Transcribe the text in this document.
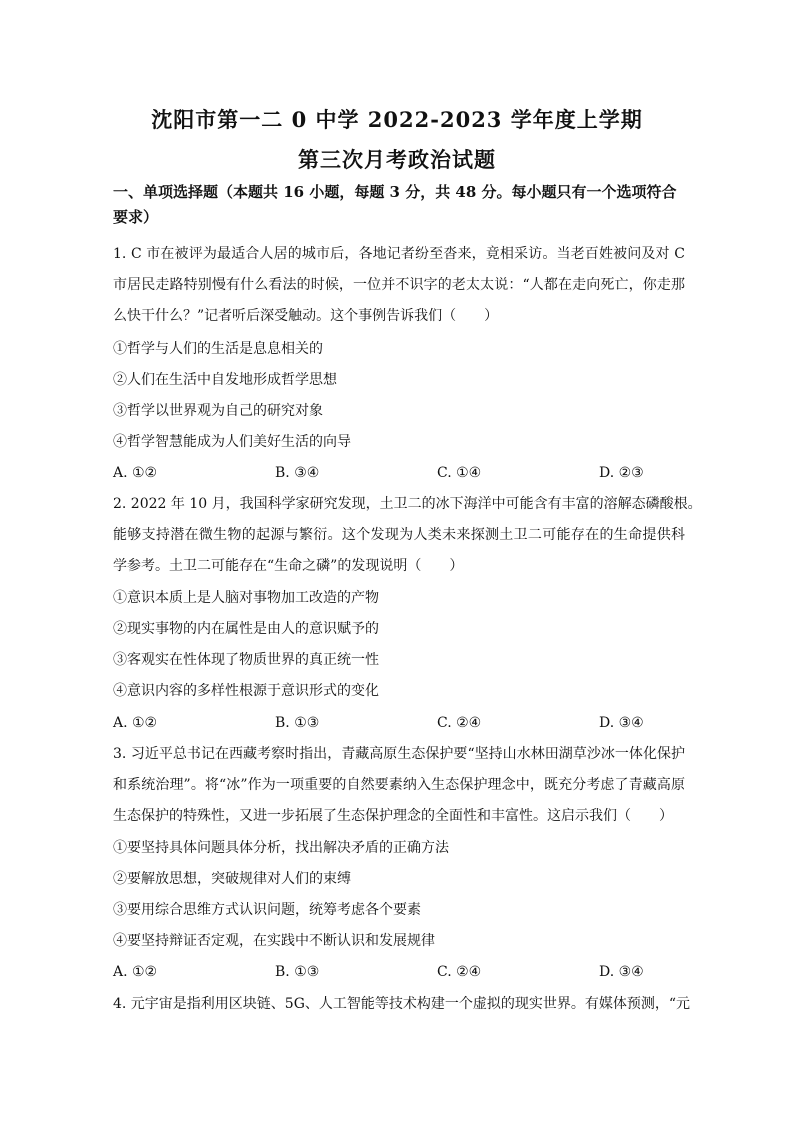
沈阳市第一二 0 中学 2022-2023 学年度上学期
第三次月考政治试题
一、单项选择题（本题共 16 小题，每题 3 分，共 48 分。每小题只有一个选项符合要求）
1. C 市在被评为最适合人居的城市后，各地记者纷至沓来，竟相采访。当老百姓被问及对 C
市居民走路特别慢有什么看法的时候，一位并不识字的老太太说：“人都在走向死亡，你走那
么快干什么？”记者听后深受触动。这个事例告诉我们（　　）
①哲学与人们的生活是息息相关的
②人们在生活中自发地形成哲学思想
③哲学以世界观为自己的研究对象
④哲学智慧能成为人们美好生活的向导
A. ①②	B. ③④	C. ①④	D. ②③
2. 2022 年 10 月，我国科学家研究发现，土卫二的冰下海洋中可能含有丰富的溶解态磷酸根。
能够支持潜在微生物的起源与繁衍。这个发现为人类未来探测土卫二可能存在的生命提供科
学参考。土卫二可能存在“生命之磷”的发现说明（　　）
①意识本质上是人脑对事物加工改造的产物
②现实事物的内在属性是由人的意识赋予的
③客观实在性体现了物质世界的真正统一性
④意识内容的多样性根源于意识形式的变化
A. ①②	B. ①③	C. ②④	D. ③④
3. 习近平总书记在西藏考察时指出，青藏高原生态保护要“坚持山水林田湖草沙冰一体化保护
和系统治理”。将“冰”作为一项重要的自然要素纳入生态保护理念中，既充分考虑了青藏高原
生态保护的特殊性，又进一步拓展了生态保护理念的全面性和丰富性。这启示我们（　　）
①要坚持具体问题具体分析，找出解决矛盾的正确方法
②要解放思想，突破规律对人们的束缚
③要用综合思维方式认识问题，统筹考虑各个要素
④要坚持辩证否定观，在实践中不断认识和发展规律
A. ①②	B. ①③	C. ②④	D. ③④
4. 元宇宙是指利用区块链、5G、人工智能等技术构建一个虚拟的现实世界。有媒体预测，“元
